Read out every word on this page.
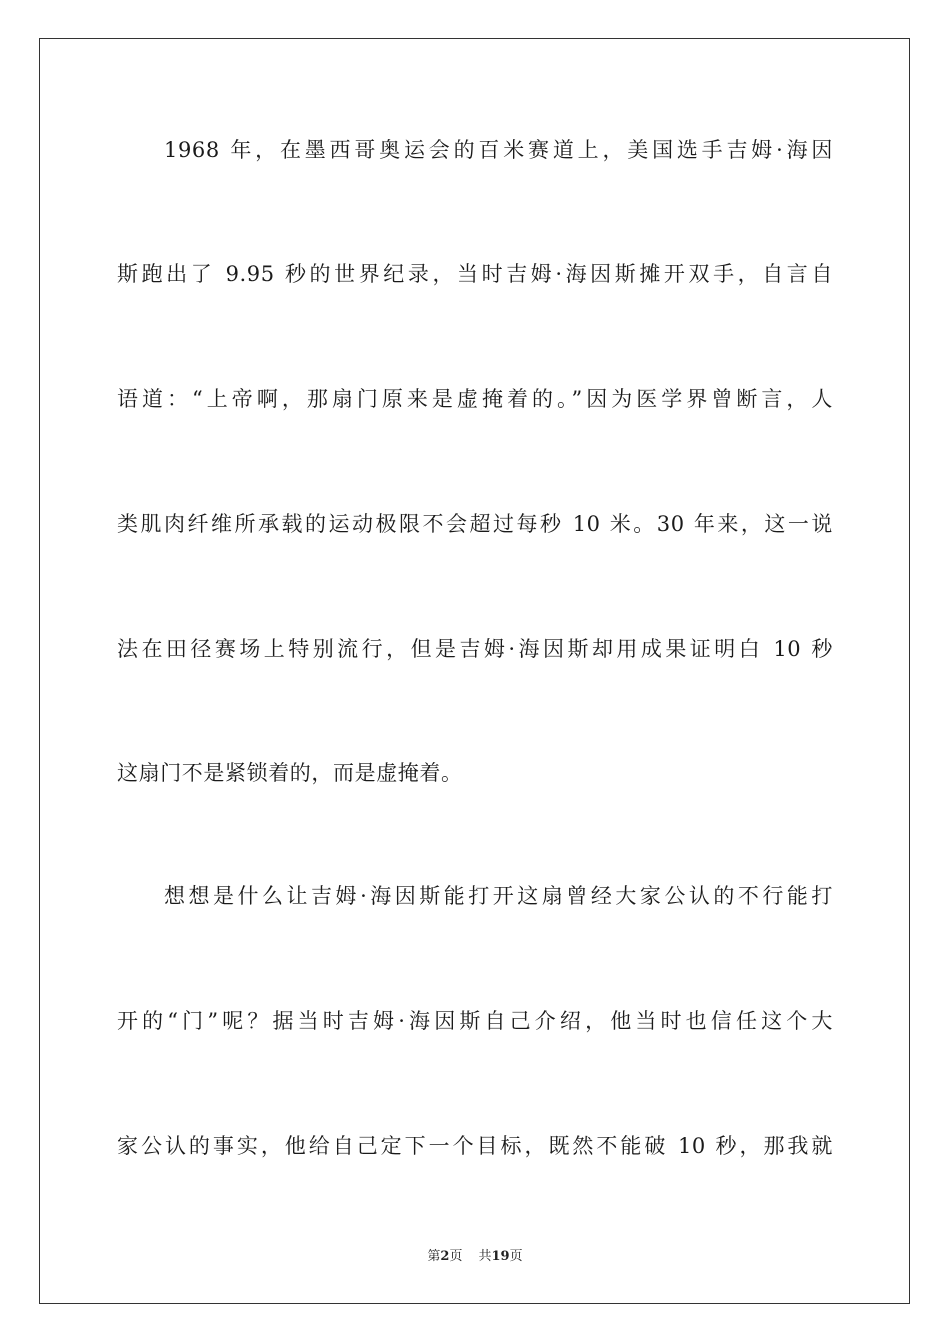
1968 年，在墨西哥奥运会的百米赛道上，美国选手吉姆·海因
斯跑出了 9.95 秒的世界纪录，当时吉姆·海因斯摊开双手，自言自
语道：“上帝啊，那扇门原来是虚掩着的。”因为医学界曾断言，人
类肌肉纤维所承载的运动极限不会超过每秒 10 米。30 年来，这一说
法在田径赛场上特别流行，但是吉姆·海因斯却用成果证明白 10 秒
这扇门不是紧锁着的，而是虚掩着。
想想是什么让吉姆·海因斯能打开这扇曾经大家公认的不行能打
开的“门”呢？据当时吉姆·海因斯自己介绍，他当时也信任这个大
家公认的事实，他给自己定下一个目标，既然不能破 10 秒，那我就
第2页 共19页
